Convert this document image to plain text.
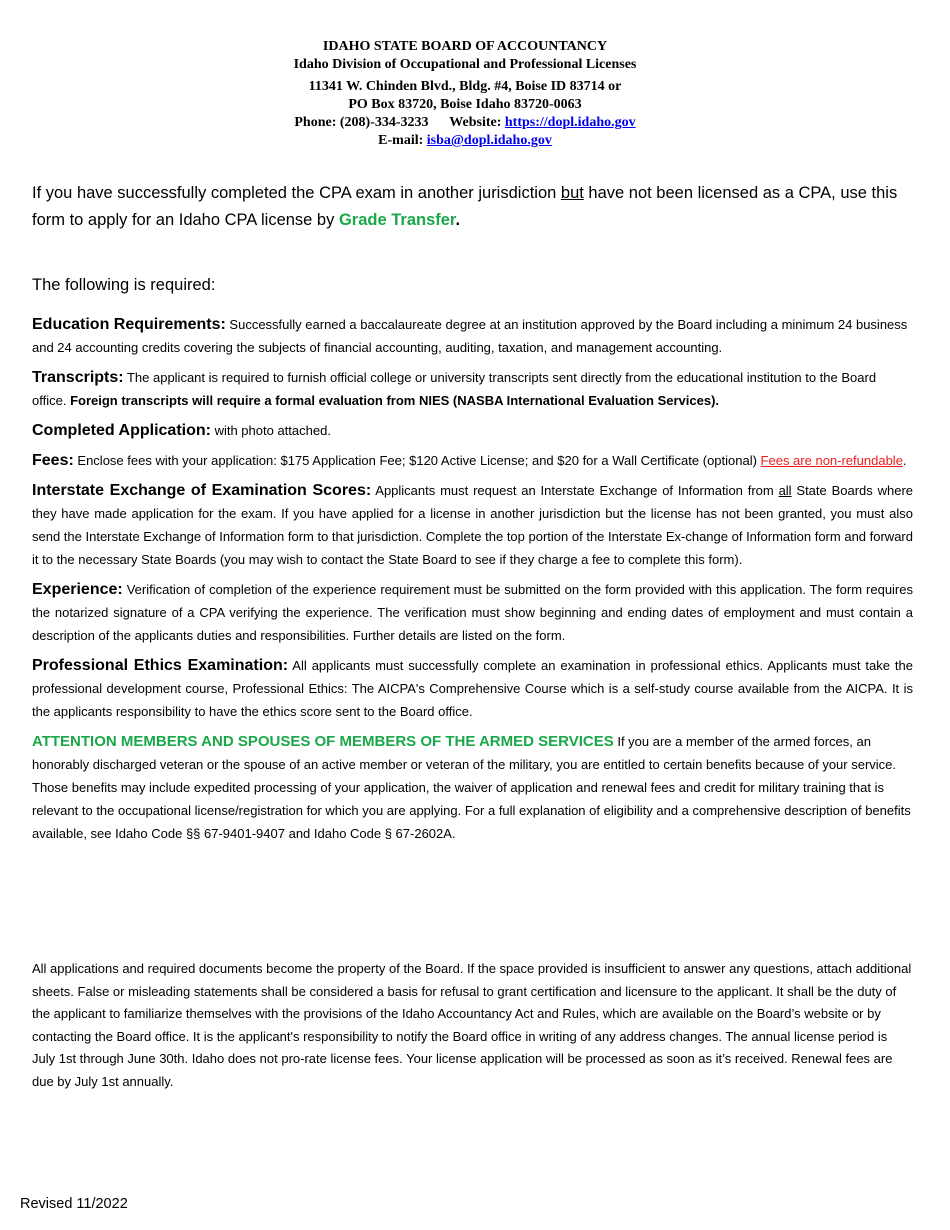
IDAHO STATE BOARD OF ACCOUNTANCY
Idaho Division of Occupational and Professional Licenses
11341 W. Chinden Blvd., Bldg. #4, Boise ID 83714 or
PO Box 83720, Boise Idaho 83720-0063
Phone: (208)-334-3233 Website: https://dopl.idaho.gov
E-mail: isba@dopl.idaho.gov
If you have successfully completed the CPA exam in another jurisdiction but have not been licensed as a CPA, use this form to apply for an Idaho CPA license by Grade Transfer.
The following is required:

Education Requirements: Successfully earned a baccalaureate degree at an institution approved by the Board including a minimum 24 business and 24 accounting credits covering the subjects of financial accounting, auditing, taxation, and management accounting.

Transcripts: The applicant is required to furnish official college or university transcripts sent directly from the educational institution to the Board office. Foreign transcripts will require a formal evaluation from NIES (NASBA International Evaluation Services).

Completed Application: with photo attached.

Fees: Enclose fees with your application: $175 Application Fee; $120 Active License; and $20 for a Wall Certificate (optional) Fees are non-refundable.

Interstate Exchange of Examination Scores: Applicants must request an Interstate Exchange of Information from all State Boards where they have made application for the exam. If you have applied for a license in another jurisdiction but the license has not been granted, you must also send the Interstate Exchange of Information form to that jurisdiction. Complete the top portion of the Interstate Ex-change of Information form and forward it to the necessary State Boards (you may wish to contact the State Board to see if they charge a fee to complete this form).

Experience: Verification of completion of the experience requirement must be submitted on the form provided with this application. The form requires the notarized signature of a CPA verifying the experience. The verification must show beginning and ending dates of employment and must contain a description of the applicants duties and responsibilities. Further details are listed on the form.

Professional Ethics Examination: All applicants must successfully complete an examination in professional ethics. Applicants must take the professional development course, Professional Ethics: The AICPA's Comprehensive Course which is a self-study course available from the AICPA. It is the applicants responsibility to have the ethics score sent to the Board office.

ATTENTION MEMBERS AND SPOUSES OF MEMBERS OF THE ARMED SERVICES If you are a member of the armed forces, an honorably discharged veteran or the spouse of an active member or veteran of the military, you are entitled to certain benefits because of your service. Those benefits may include expedited processing of your application, the waiver of application and renewal fees and credit for military training that is relevant to the occupational license/registration for which you are applying. For a full explanation of eligibility and a comprehensive description of benefits available, see Idaho Code §§ 67-9401-9407 and Idaho Code § 67-2602A.

All applications and required documents become the property of the Board. If the space provided is insufficient to answer any questions, attach additional sheets. False or misleading statements shall be considered a basis for refusal to grant certification and licensure to the applicant. It shall be the duty of the applicant to familiarize themselves with the provisions of the Idaho Accountancy Act and Rules, which are available on the Board’s website or by contacting the Board office. It is the applicant's responsibility to notify the Board office in writing of any address changes. The annual license period is July 1st through June 30th. Idaho does not pro-rate license fees. Your license application will be processed as soon as it’s received. Renewal fees are due by July 1st annually.
Revised 11/2022
